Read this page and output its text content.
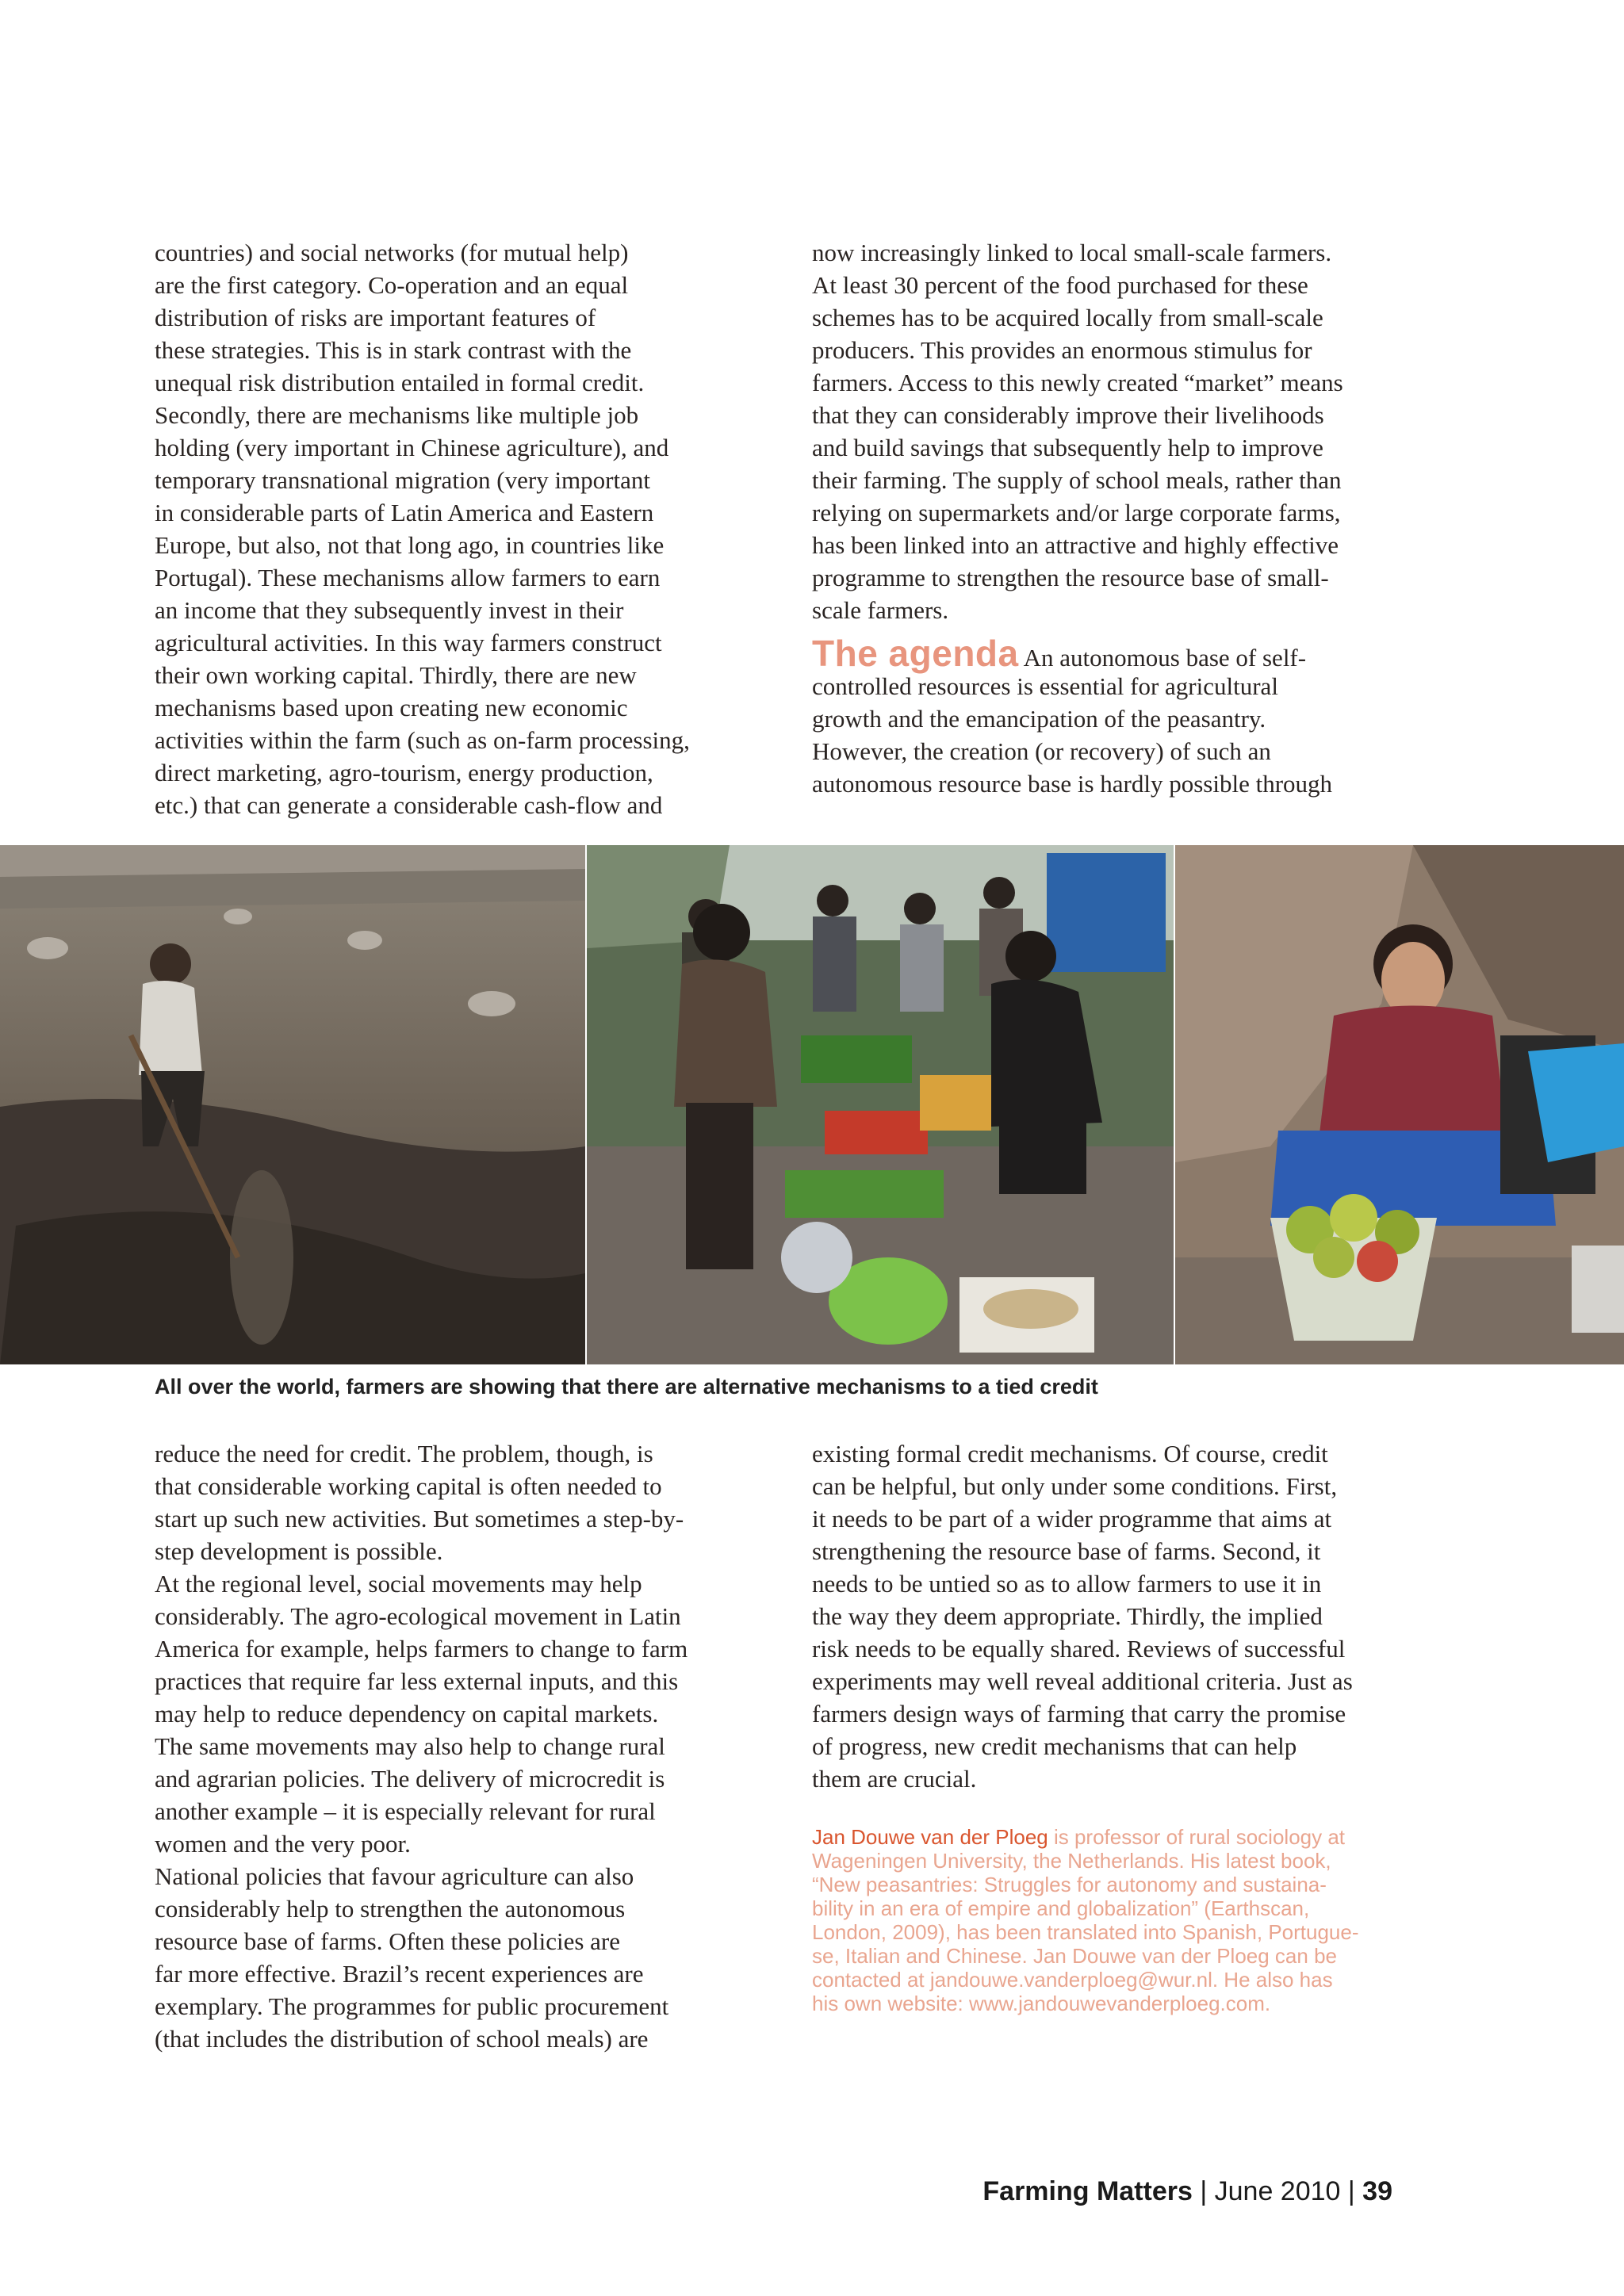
countries) and social networks (for mutual help)
are the first category. Co-operation and an equal
distribution of risks are important features of
these strategies. This is in stark contrast with the
unequal risk distribution entailed in formal credit.
Secondly, there are mechanisms like multiple job
holding (very important in Chinese agriculture), and
temporary transnational migration (very important
in considerable parts of Latin America and Eastern
Europe, but also, not that long ago, in countries like
Portugal). These mechanisms allow farmers to earn
an income that they subsequently invest in their
agricultural activities. In this way farmers construct
their own working capital. Thirdly, there are new
mechanisms based upon creating new economic
activities within the farm (such as on-farm processing,
direct marketing, agro-tourism, energy production,
etc.) that can generate a considerable cash-flow and
now increasingly linked to local small-scale farmers.
At least 30 percent of the food purchased for these
schemes has to be acquired locally from small-scale
producers. This provides an enormous stimulus for
farmers. Access to this newly created “market” means
that they can considerably improve their livelihoods
and build savings that subsequently help to improve
their farming. The supply of school meals, rather than
relying on supermarkets and/or large corporate farms,
has been linked into an attractive and highly effective
programme to strengthen the resource base of small-
scale farmers.
The agenda An autonomous base of self-
controlled resources is essential for agricultural
growth and the emancipation of the peasantry.
However, the creation (or recovery) of such an
autonomous resource base is hardly possible through
All over the world, farmers are showing that there are alternative mechanisms to a tied credit
reduce the need for credit. The problem, though, is
that considerable working capital is often needed to
start up such new activities. But sometimes a step-by-
step development is possible.
At the regional level, social movements may help
considerably. The agro-ecological movement in Latin
America for example, helps farmers to change to farm
practices that require far less external inputs, and this
may help to reduce dependency on capital markets.
The same movements may also help to change rural
and agrarian policies. The delivery of microcredit is
another example – it is especially relevant for rural
women and the very poor.
National policies that favour agriculture can also
considerably help to strengthen the autonomous
resource base of farms. Often these policies are
far more effective. Brazil’s recent experiences are
exemplary. The programmes for public procurement
(that includes the distribution of school meals) are
existing formal credit mechanisms. Of course, credit
can be helpful, but only under some conditions. First,
it needs to be part of a wider programme that aims at
strengthening the resource base of farms. Second, it
needs to be untied so as to allow farmers to use it in
the way they deem appropriate. Thirdly, the implied
risk needs to be equally shared. Reviews of successful
experiments may well reveal additional criteria. Just as
farmers design ways of farming that carry the promise
of progress, new credit mechanisms that can help
them are crucial.
Jan Douwe van der Ploeg is professor of rural sociology at
Wageningen University, the Netherlands. His latest book,
“New peasantries: Struggles for autonomy and sustaina-
bility in an era of empire and globalization” (Earthscan,
London, 2009), has been translated into Spanish, Portugue-
se, Italian and Chinese. Jan Douwe van der Ploeg can be
contacted at jandouwe.vanderploeg@wur.nl. He also has
his own website: www.jandouwevanderploeg.com.
Farming Matters | June 2010 | 39
